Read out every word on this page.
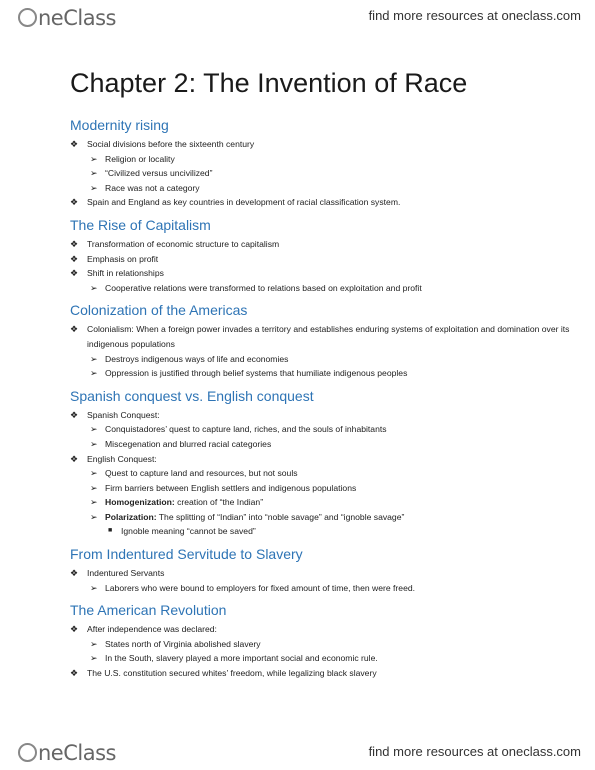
neClass	find more resources at oneclass.com
Chapter 2: The Invention of Race
Modernity rising
❖ Social divisions before the sixteenth century
➢ Religion or locality
➢ “Civilized versus uncivilized”
➢ Race was not a category
❖ Spain and England as key countries in development of racial classification system.
The Rise of Capitalism
❖ Transformation of economic structure to capitalism
❖ Emphasis on profit
❖ Shift in relationships
➢ Cooperative relations were transformed to relations based on exploitation and profit
Colonization of the Americas
❖ Colonialism: When a foreign power invades a territory and establishes enduring systems of exploitation and domination over its indigenous populations
➢ Destroys indigenous ways of life and economies
➢ Oppression is justified through belief systems that humiliate indigenous peoples
Spanish conquest vs. English conquest
❖ Spanish Conquest:
➢ Conquistadores’ quest to capture land, riches, and the souls of inhabitants
➢ Miscegenation and blurred racial categories
❖ English Conquest:
➢ Quest to capture land and resources, but not souls
➢ Firm barriers between English settlers and indigenous populations
➢ Homogenization: creation of “the Indian”
➢ Polarization: The splitting of “Indian” into “noble savage” and “ignoble savage”
■ Ignoble meaning “cannot be saved”
From Indentured Servitude to Slavery
❖ Indentured Servants
➢ Laborers who were bound to employers for fixed amount of time, then were freed.
The American Revolution
❖ After independence was declared:
➢ States north of Virginia abolished slavery
➢ In the South, slavery played a more important social and economic rule.
❖ The U.S. constitution secured whites’ freedom, while legalizing black slavery
neClass	find more resources at oneclass.com
